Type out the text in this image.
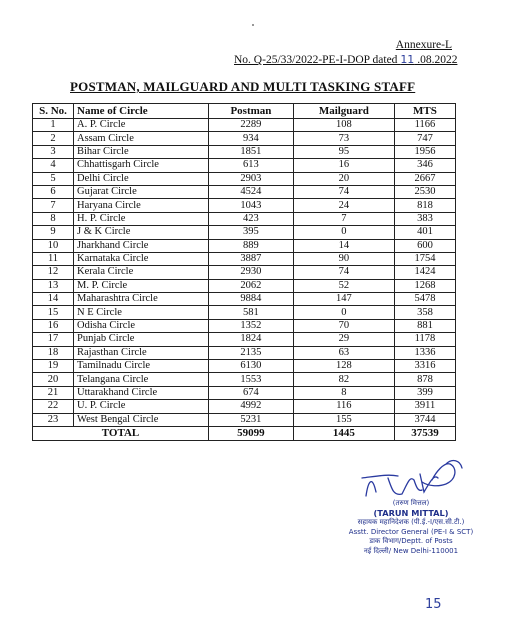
Annexure-L
No. Q-25/33/2022-PE-I-DOP dated 11 .08.2022
POSTMAN, MAILGUARD AND MULTI TASKING STAFF
S. No.	Name of Circle	Postman	Mailguard	MTS
1	A. P. Circle	2289	108	1166
2	Assam Circle	934	73	747
3	Bihar Circle	1851	95	1956
4	Chhattisgarh Circle	613	16	346
5	Delhi Circle	2903	20	2667
6	Gujarat Circle	4524	74	2530
7	Haryana Circle	1043	24	818
8	H. P. Circle	423	7	383
9	J & K Circle	395	0	401
10	Jharkhand Circle	889	14	600
11	Karnataka Circle	3887	90	1754
12	Kerala Circle	2930	74	1424
13	M. P. Circle	2062	52	1268
14	Maharashtra Circle	9884	147	5478
15	N E Circle	581	0	358
16	Odisha Circle	1352	70	881
17	Punjab Circle	1824	29	1178
18	Rajasthan Circle	2135	63	1336
19	Tamilnadu Circle	6130	128	3316
20	Telangana Circle	1553	82	878
21	Uttarakhand Circle	674	8	399
22	U. P. Circle	4992	116	3911
23	West Bengal Circle	5231	155	3744
TOTAL		59099	1445	37539
(तरुण मित्तल)
(TARUN MITTAL)
सहायक महानिदेशक (पी.ई.-I/एस.सी.टी.)
Asstt. Director General (PE-I & SCT)
डाक विभाग/Deptt. of Posts
नई दिल्ली/ New Delhi-110001
15
